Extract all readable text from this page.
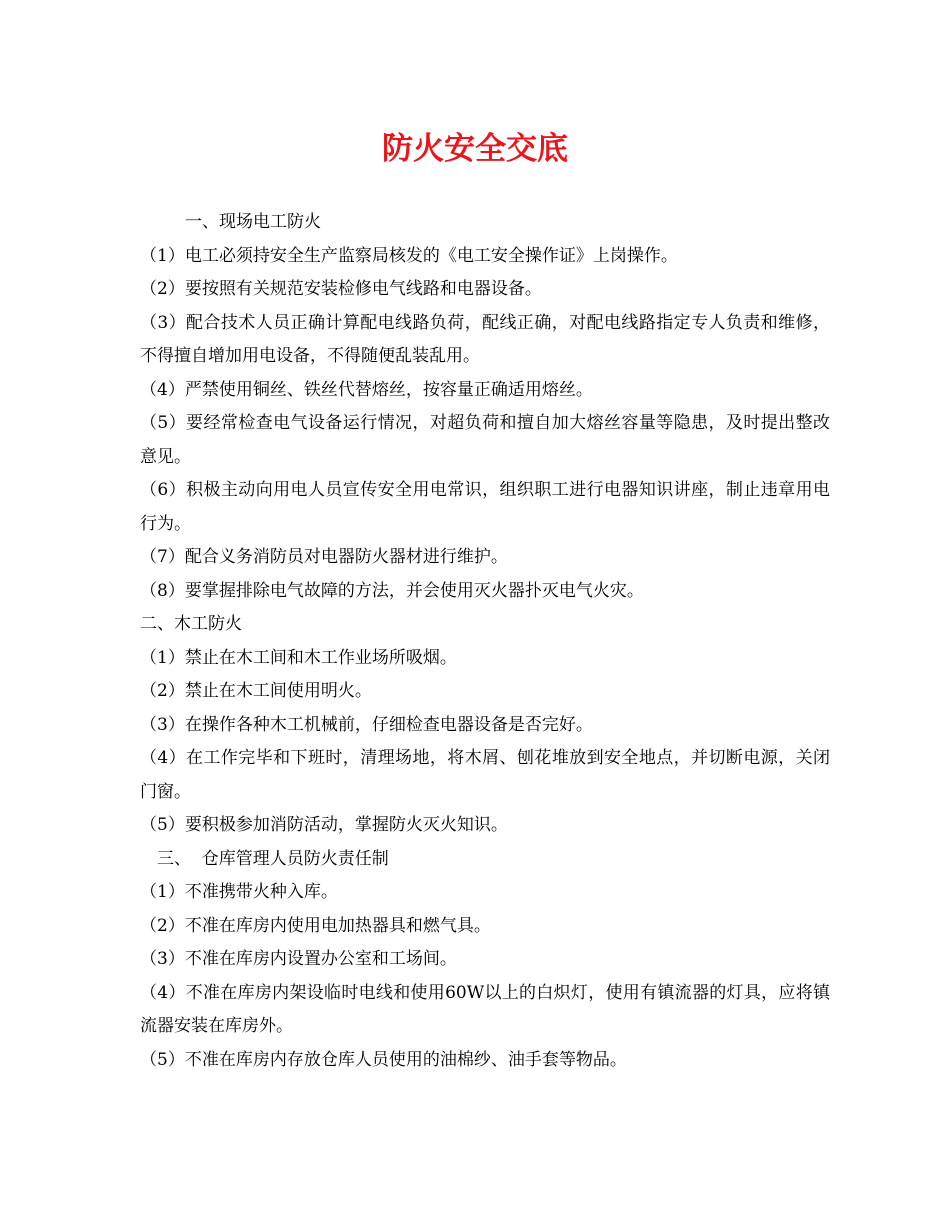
防火安全交底

一、现场电工防火

（1）电工必须持安全生产监察局核发的《电工安全操作证》上岗操作。

（2）要按照有关规范安装检修电气线路和电器设备。

（3）配合技术人员正确计算配电线路负荷，配线正确，对配电线路指定专人负责和维修，不得擅自增加用电设备，不得随便乱装乱用。

（4）严禁使用铜丝、铁丝代替熔丝，按容量正确适用熔丝。

（5）要经常检查电气设备运行情况，对超负荷和擅自加大熔丝容量等隐患，及时提出整改意见。

（6）积极主动向用电人员宣传安全用电常识，组织职工进行电器知识讲座，制止违章用电行为。

（7）配合义务消防员对电器防火器材进行维护。

（8）要掌握排除电气故障的方法，并会使用灭火器扑灭电气火灾。

二、木工防火

（1）禁止在木工间和木工作业场所吸烟。

（2）禁止在木工间使用明火。

（3）在操作各种木工机械前，仔细检查电器设备是否完好。

（4）在工作完毕和下班时，清理场地，将木屑、刨花堆放到安全地点，并切断电源，关闭门窗。

（5）要积极参加消防活动，掌握防火灭火知识。

三、  仓库管理人员防火责任制

（1）不准携带火种入库。

（2）不准在库房内使用电加热器具和燃气具。

（3）不准在库房内设置办公室和工场间。

（4）不准在库房内架设临时电线和使用60W以上的白炽灯，使用有镇流器的灯具，应将镇流器安装在库房外。

（5）不准在库房内存放仓库人员使用的油棉纱、油手套等物品。
